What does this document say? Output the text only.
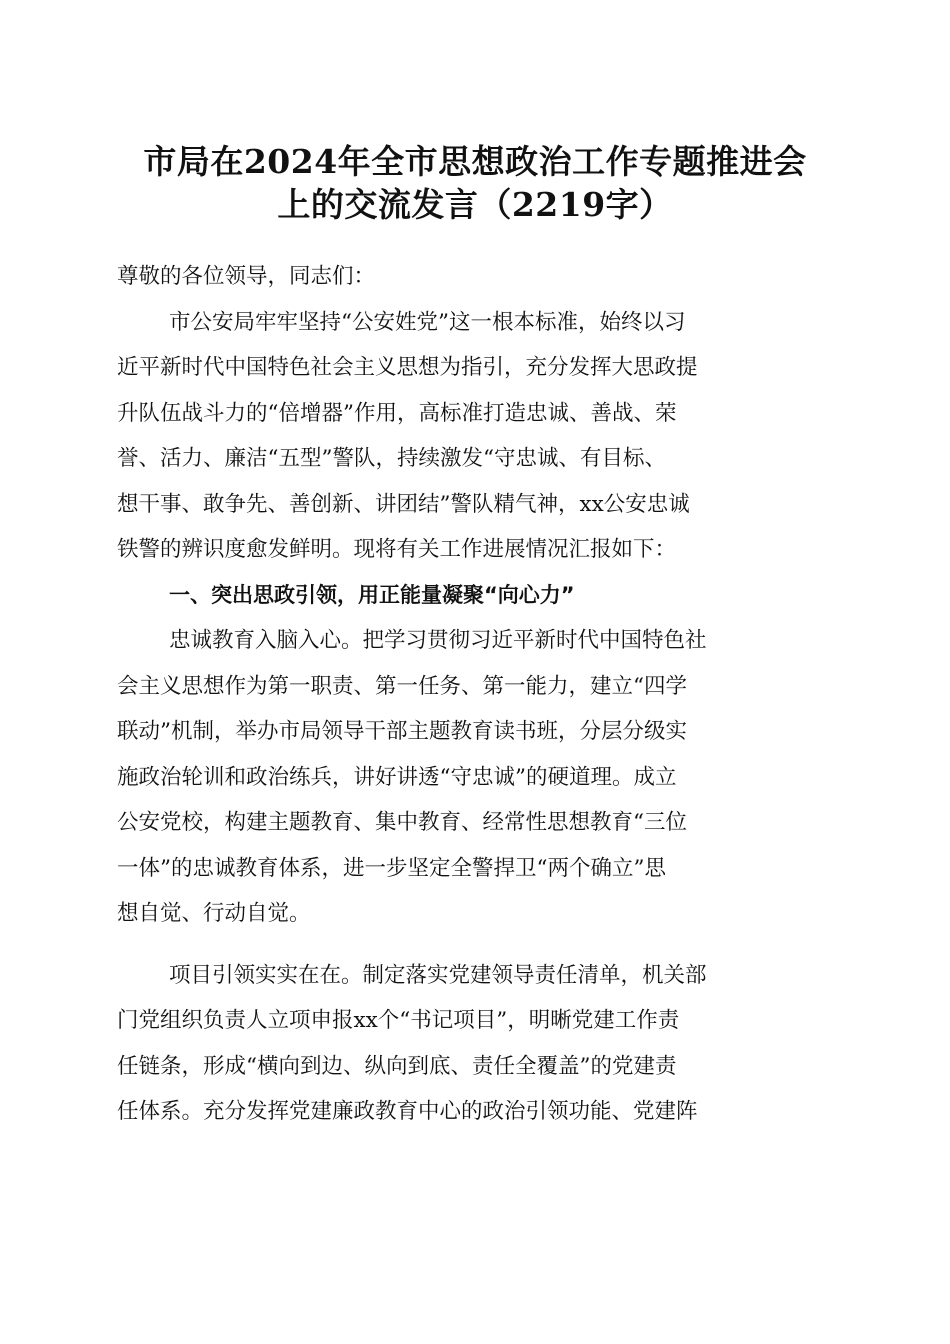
市局在2024年全市思想政治工作专题推进会
上的交流发言（2219字）
尊敬的各位领导，同志们：
市公安局牢牢坚持“公安姓党”这一根本标准，始终以习
近平新时代中国特色社会主义思想为指引，充分发挥大思政提
升队伍战斗力的“倍增器”作用，高标准打造忠诚、善战、荣
誉、活力、廉洁“五型”警队，持续激发“守忠诚、有目标、
想干事、敢争先、善创新、讲团结”警队精气神，xx公安忠诚
铁警的辨识度愈发鲜明。现将有关工作进展情况汇报如下：
一、突出思政引领，用正能量凝聚“向心力”
忠诚教育入脑入心。把学习贯彻习近平新时代中国特色社
会主义思想作为第一职责、第一任务、第一能力，建立“四学
联动”机制，举办市局领导干部主题教育读书班，分层分级实
施政治轮训和政治练兵，讲好讲透“守忠诚”的硬道理。成立
公安党校，构建主题教育、集中教育、经常性思想教育“三位
一体”的忠诚教育体系，进一步坚定全警捍卫“两个确立”思
想自觉、行动自觉。
项目引领实实在在。制定落实党建领导责任清单，机关部
门党组织负责人立项申报xx个“书记项目”，明晰党建工作责
任链条，形成“横向到边、纵向到底、责任全覆盖”的党建责
任体系。充分发挥党建廉政教育中心的政治引领功能、党建阵
